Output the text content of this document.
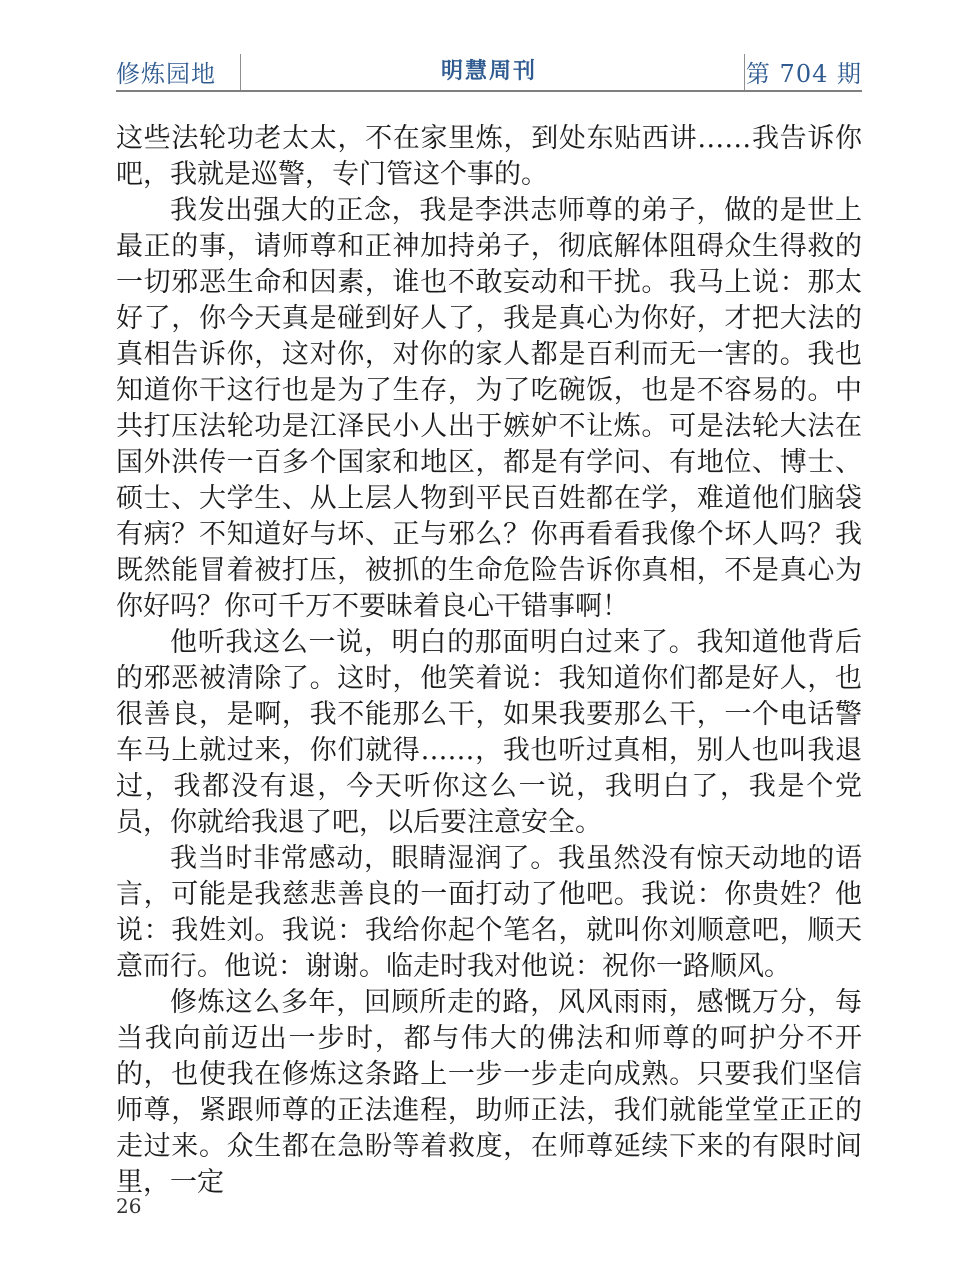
修炼园地	明慧周刊	第 704 期

这些法轮功老太太，不在家里炼，到处东贴西讲……我告诉你吧，我就是巡警，专门管这个事的。

我发出强大的正念，我是李洪志师尊的弟子，做的是世上最正的事，请师尊和正神加持弟子，彻底解体阻碍众生得救的一切邪恶生命和因素，谁也不敢妄动和干扰。我马上说：那太好了，你今天真是碰到好人了，我是真心为你好，才把大法的真相告诉你，这对你，对你的家人都是百利而无一害的。我也知道你干这行也是为了生存，为了吃碗饭，也是不容易的。中共打压法轮功是江泽民小人出于嫉妒不让炼。可是法轮大法在国外洪传一百多个国家和地区，都是有学问、有地位、博士、硕士、大学生、从上层人物到平民百姓都在学，难道他们脑袋有病？不知道好与坏、正与邪么？你再看看我像个坏人吗？我既然能冒着被打压，被抓的生命危险告诉你真相，不是真心为你好吗？你可千万不要昧着良心干错事啊！

他听我这么一说，明白的那面明白过来了。我知道他背后的邪恶被清除了。这时，他笑着说：我知道你们都是好人，也很善良，是啊，我不能那么干，如果我要那么干，一个电话警车马上就过来，你们就得……，我也听过真相，别人也叫我退过，我都没有退，今天听你这么一说，我明白了，我是个党员，你就给我退了吧，以后要注意安全。

我当时非常感动，眼睛湿润了。我虽然没有惊天动地的语言，可能是我慈悲善良的一面打动了他吧。我说：你贵姓？他说：我姓刘。我说：我给你起个笔名，就叫你刘顺意吧，顺天意而行。他说：谢谢。临走时我对他说：祝你一路顺风。

修炼这么多年，回顾所走的路，风风雨雨，感慨万分，每当我向前迈出一步时，都与伟大的佛法和师尊的呵护分不开的，也使我在修炼这条路上一步一步走向成熟。只要我们坚信师尊，紧跟师尊的正法進程，助师正法，我们就能堂堂正正的走过来。众生都在急盼等着救度，在师尊延续下来的有限时间里，一定

26
